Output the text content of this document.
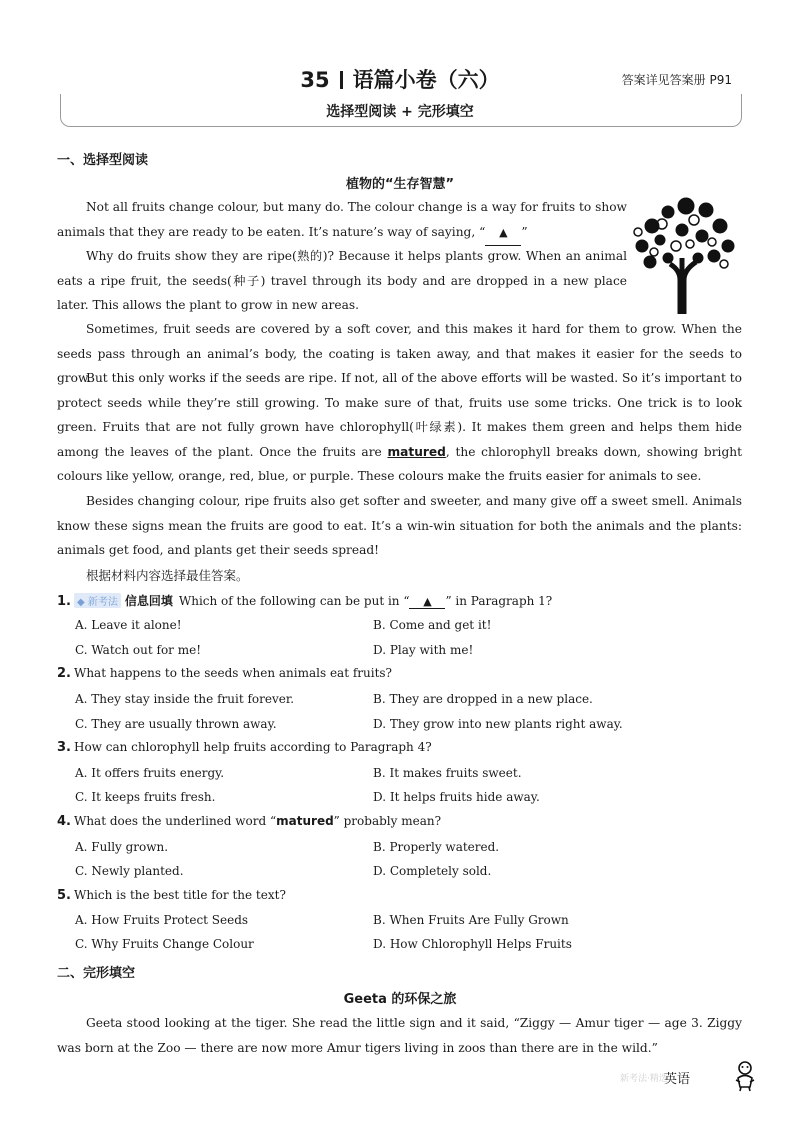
35 语篇小卷（六）	答案详见答案册 P91
选择型阅读 + 完形填空
一、选择型阅读
植物的“生存智慧”

Not all fruits change colour, but many do. The colour change is a way for fruits to show animals that they are ready to be eaten. It’s nature’s way of saying, “ ▲ ”

Why do fruits show they are ripe(熟的)? Because it helps plants grow. When an animal eats a ripe fruit, the seeds(种子) travel through its body and are dropped in a new place later. This allows the plant to grow in new areas.

Sometimes, fruit seeds are covered by a soft cover, and this makes it hard for them to grow. When the seeds pass through an animal’s body, the coating is taken away, and that makes it easier for the seeds to grow.

But this only works if the seeds are ripe. If not, all of the above efforts will be wasted. So it’s important to protect seeds while they’re still growing. To make sure of that, fruits use some tricks. One trick is to look green. Fruits that are not fully grown have chlorophyll(叶绿素). It makes them green and helps them hide among the leaves of the plant. Once the fruits are matured, the chlorophyll breaks down, showing bright colours like yellow, orange, red, blue, or purple. These colours make the fruits easier for animals to see.

Besides changing colour, ripe fruits also get softer and sweeter, and many give off a sweet smell. Animals know these signs mean the fruits are good to eat. It’s a win-win situation for both the animals and the plants: animals get food, and plants get their seeds spread!

根据材料内容选择最佳答案。
1. ◆ 新考法 信息回填 Which of the following can be put in “ ▲ ” in Paragraph 1?
A. Leave it alone!	B. Come and get it!
C. Watch out for me!	D. Play with me!
2. What happens to the seeds when animals eat fruits?
A. They stay inside the fruit forever.	B. They are dropped in a new place.
C. They are usually thrown away.	D. They grow into new plants right away.
3. How can chlorophyll help fruits according to Paragraph 4?
A. It offers fruits energy.	B. It makes fruits sweet.
C. It keeps fruits fresh.	D. It helps fruits hide away.
4. What does the underlined word “matured” probably mean?
A. Fully grown.	B. Properly watered.
C. Newly planted.	D. Completely sold.
5. Which is the best title for the text?
A. How Fruits Protect Seeds	B. When Fruits Are Fully Grown
C. Why Fruits Change Colour	D. How Chlorophyll Helps Fruits
二、完形填空
Geeta 的环保之旅

Geeta stood looking at the tiger. She read the little sign and it said, “Ziggy — Amur tiger — age 3. Ziggy was born at the Zoo — there are now more Amur tigers living in zoos than there are in the wild.”

新考法·精选
英语
